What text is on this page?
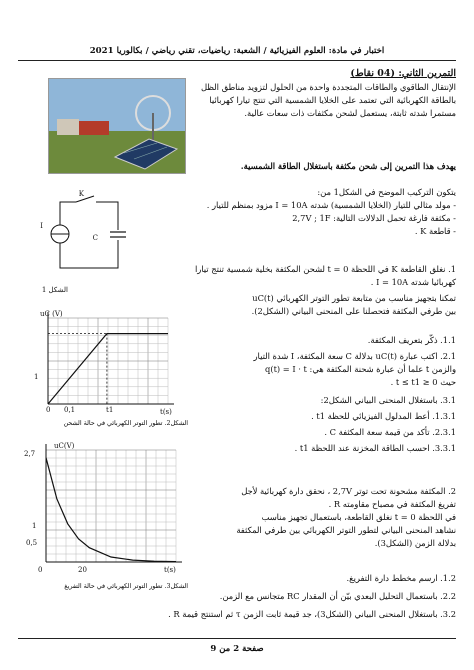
اختبار في مادة: العلوم الفيزيائية / الشعبة: رياضيات، تقني رياضي / بكالوريا 2021
التمرين الثاني: (04 نقاط)
الإنتقال الطاقوي والطاقات المتجددة واحدة من الحلول لتزويد مناطق الظل
بالطاقة الكهربائية التي تعتمد على الخلايا الشمسية التي تنتج تيارا كهربائيا
مستمرا شدته ثابتة، يستعمل لشحن مكثفات ذات سعات عالية.
يهدف هذا التمرين إلى شحن مكثفة باستغلال الطاقة الشمسية.
يتكون التركيب الموضح في الشكل1 من:
- مولد مثالي للتيار (الخلايا الشمسية) شدته I = 10A مزود بمنظم للتيار .
- مكثفة فارغة تحمل الدلالات التالية: 2,7V ; 1F
- قاطعة K .
K
I
C
الشكل 1
1. نغلق القاطعة K في اللحظة t = 0 لشحن المكثفة بخلية شمسية تنتج تيارا
كهربائيا شدته I = 10A .
تمكنا بتجهيز مناسب من متابعة تطور التوتر الكهربائي uC(t)
بين طرفي المكثفة فتحصلنا على المنحنى البياني (الشكل2).
1.1. ذكّر بتعريف المكثفة.
2.1. اكتب عبارة uC(t) بدلالة C سعة المكثفة، I شدة التيار
والزمن t علما أن عبارة شحنة المكثفة هي: q(t) = I · t
حيث 0 ≤ t ≤ t1 .
3.1. باستغلال المنحنى البياني الشكل2:
1.3.1. أعط المدلول الفيزيائي للحظة t1 .
2.3.1. تأكد من قيمة سعة المكثفة C .
3.3.1. احسب الطاقة المخزنة عند اللحظة t1 .
uC (V)
t(s)
1
0 0,1	t1
الشكل2. تطور التوتر الكهربائي في حالة الشحن
2. المكثفة مشحونة تحت توتر 2,7V ، نحقق دارة كهربائية لأجل
تفريغ المكثفة في مصباح مقاومته R .
في اللحظة t = 0 نغلق القاطعة، باستعمال تجهيز مناسب
نشاهد المنحنى البياني لتطور التوتر الكهربائي بين طرفي المكثفة
بدلالة الزمن (الشكل3).
1.2. ارسم مخطط دارة التفريغ.
2.2. باستعمال التحليل البعدي بيّن أن المقدار RC متجانس مع الزمن.
3.2. باستغلال المنحنى البياني (الشكل3)، جد قيمة ثابت الزمن τ ثم استنتج قيمة R .
uC(V)
t(s)
2,7
1
0,5
0	20
الشكل3. تطور التوتر الكهربائي في حالة التفريغ
صفحة 2 من 9
